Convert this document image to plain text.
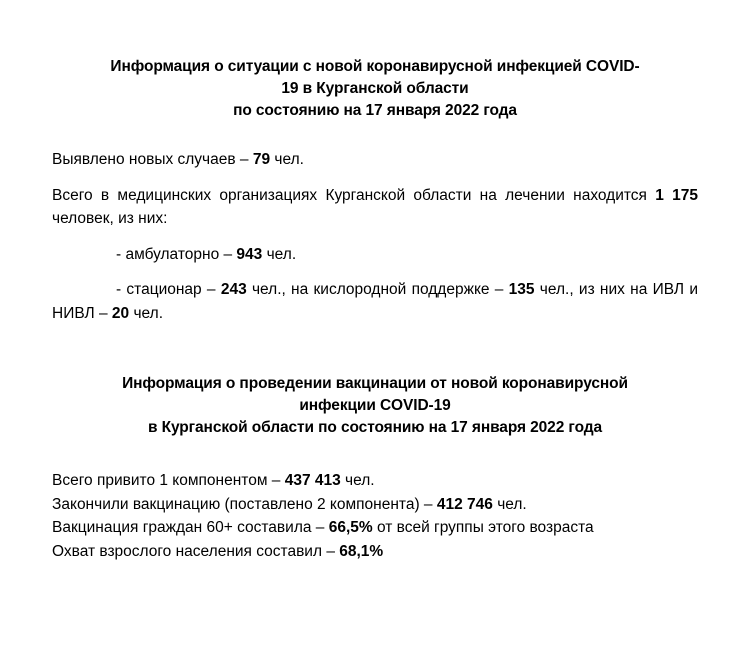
Информация о ситуации с новой коронавирусной инфекцией COVID-
19 в Курганской области
по состоянию на 17 января 2022 года

Выявлено новых случаев – 79 чел.

Всего в медицинских организациях Курганской области на лечении находится 1 175 человек, из них:

- амбулаторно – 943 чел.

- стационар – 243 чел., на кислородной поддержке – 135 чел., из них на ИВЛ и НИВЛ – 20 чел.

Информация о проведении вакцинации от новой коронавирусной
инфекции COVID-19
в Курганской области по состоянию на 17 января 2022 года

Всего привито 1 компонентом – 437 413 чел.

Закончили вакцинацию (поставлено 2 компонента) – 412 746 чел.

Вакцинация граждан 60+ составила – 66,5% от всей группы этого возраста

Охват взрослого населения составил – 68,1%
